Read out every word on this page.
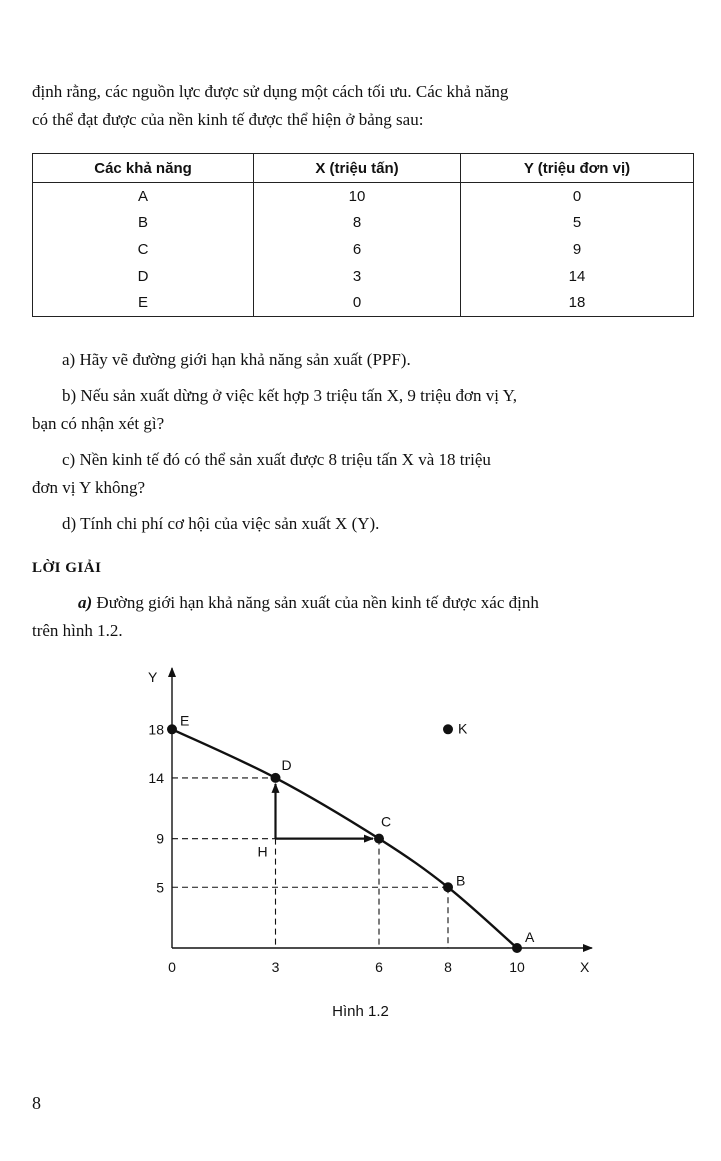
định rằng, các nguồn lực được sử dụng một cách tối ưu. Các khả năng
có thể đạt được của nền kinh tế được thể hiện ở bảng sau:
Các khả năng	X (triệu tấn)	Y (triệu đơn vị)
A	10	0
B	8	5
C	6	9
D	3	14
E	0	18
a) Hãy vẽ đường giới hạn khả năng sản xuất (PPF).
b) Nếu sản xuất dừng ở việc kết hợp 3 triệu tấn X, 9 triệu đơn vị Y,
bạn có nhận xét gì?
c) Nền kinh tế đó có thể sản xuất được 8 triệu tấn X và 18 triệu
đơn vị Y không?
d) Tính chi phí cơ hội của việc sản xuất X (Y).
LỜI GIẢI
a) Đường giới hạn khả năng sản xuất của nền kinh tế được xác định
trên hình 1.2.
X
Y
0	3	6	8	10
18
14
9
5
E
D
C
B
A
K
H
Hình 1.2
8
